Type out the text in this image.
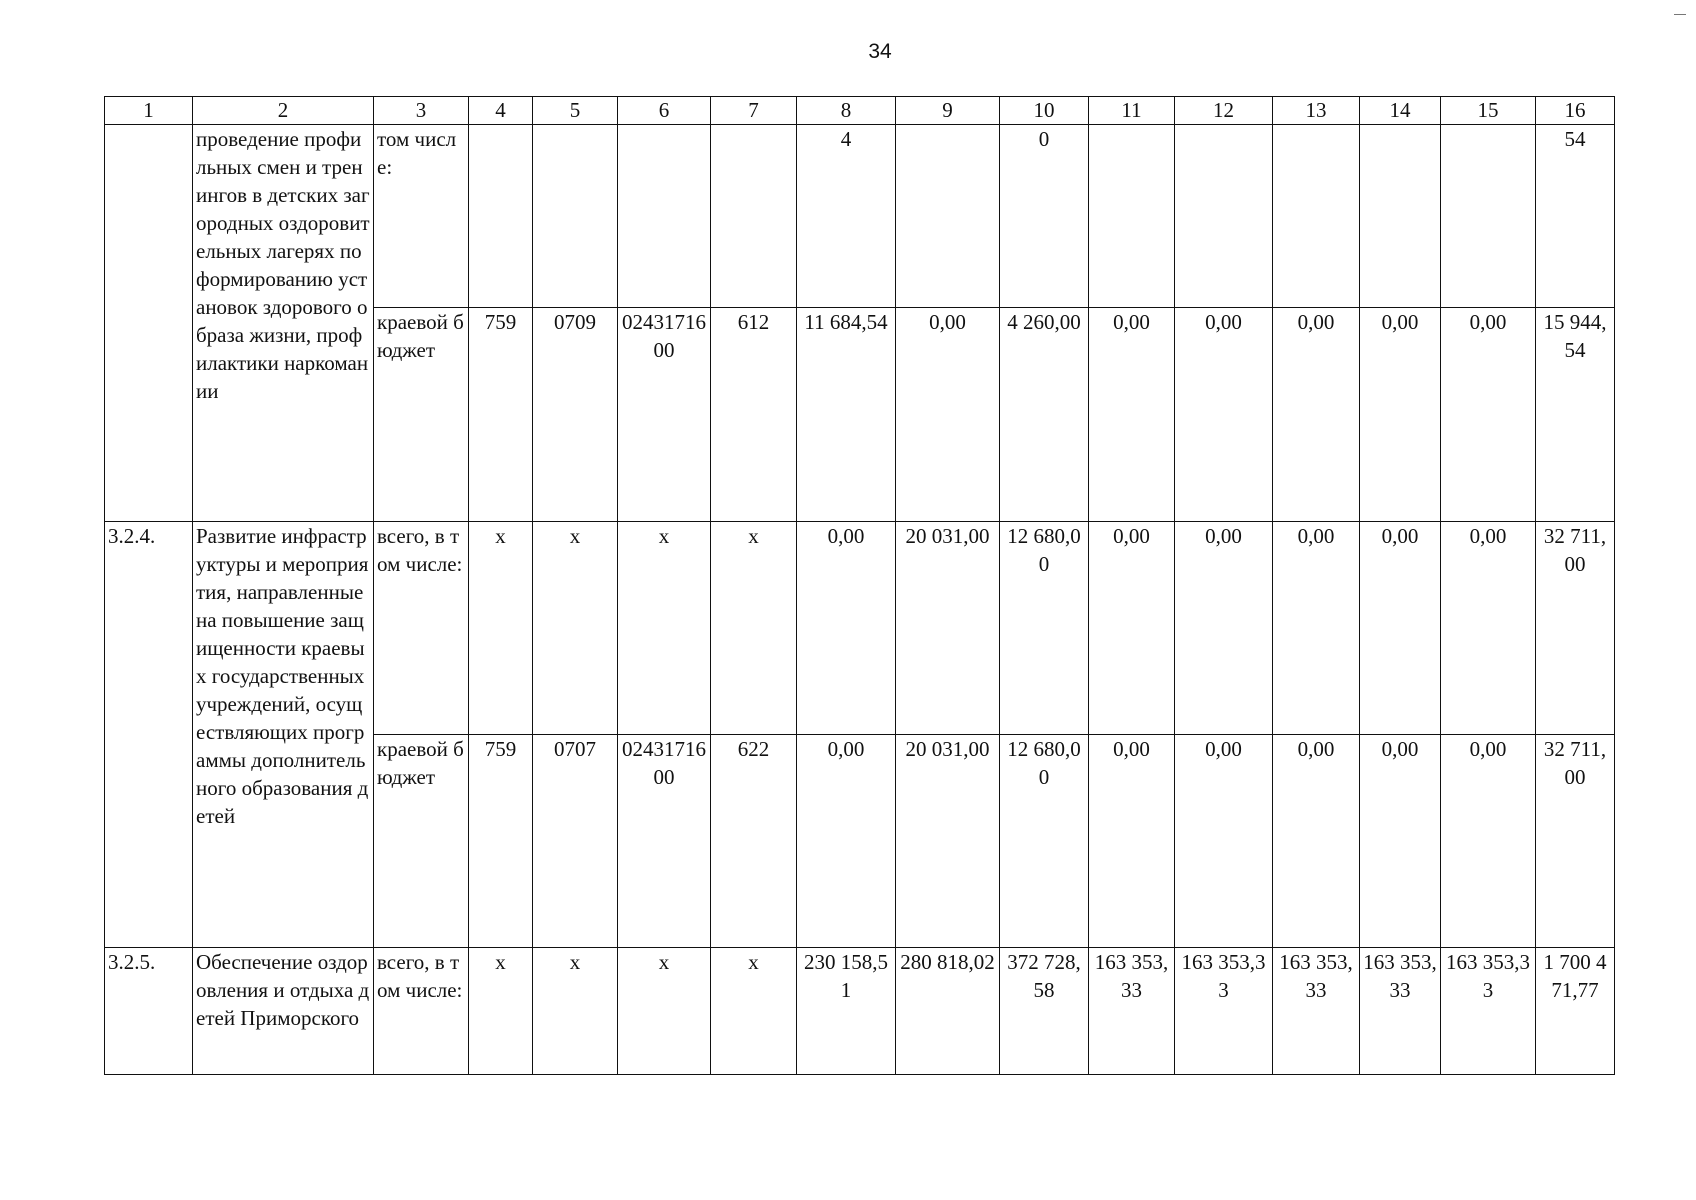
34
1	2	3	4	5	6	7	8	9	10	11	12	13	14	15	16
	проведение профильных смен и тренингов в детских загородных оздоровительных лагерях по формированию установок здорового образа жизни, профилактики наркомании	том числе:					4		0						54
		краевой бюджет	759	0709	0243171600	612	11 684,54	0,00	4 260,00	0,00	0,00	0,00	0,00	0,00	15 944,54
3.2.4.	Развитие инфраструктуры и мероприятия, направленные на повышение защищенности краевых государственных учреждений, осуществляющих программы дополнительного образования детей	всего, в том числе:	x	x	x	x	0,00	20 031,00	12 680,00	0,00	0,00	0,00	0,00	0,00	32 711,00
		краевой бюджет	759	0707	0243171600	622	0,00	20 031,00	12 680,00	0,00	0,00	0,00	0,00	0,00	32 711,00
3.2.5.	Обеспечение оздоровления и отдыха детей Приморского	всего, в том числе:	x	x	x	x	230 158,51	280 818,02	372 728,58	163 353,33	163 353,33	163 353,33	163 353,33	163 353,33	1 700 471,77
